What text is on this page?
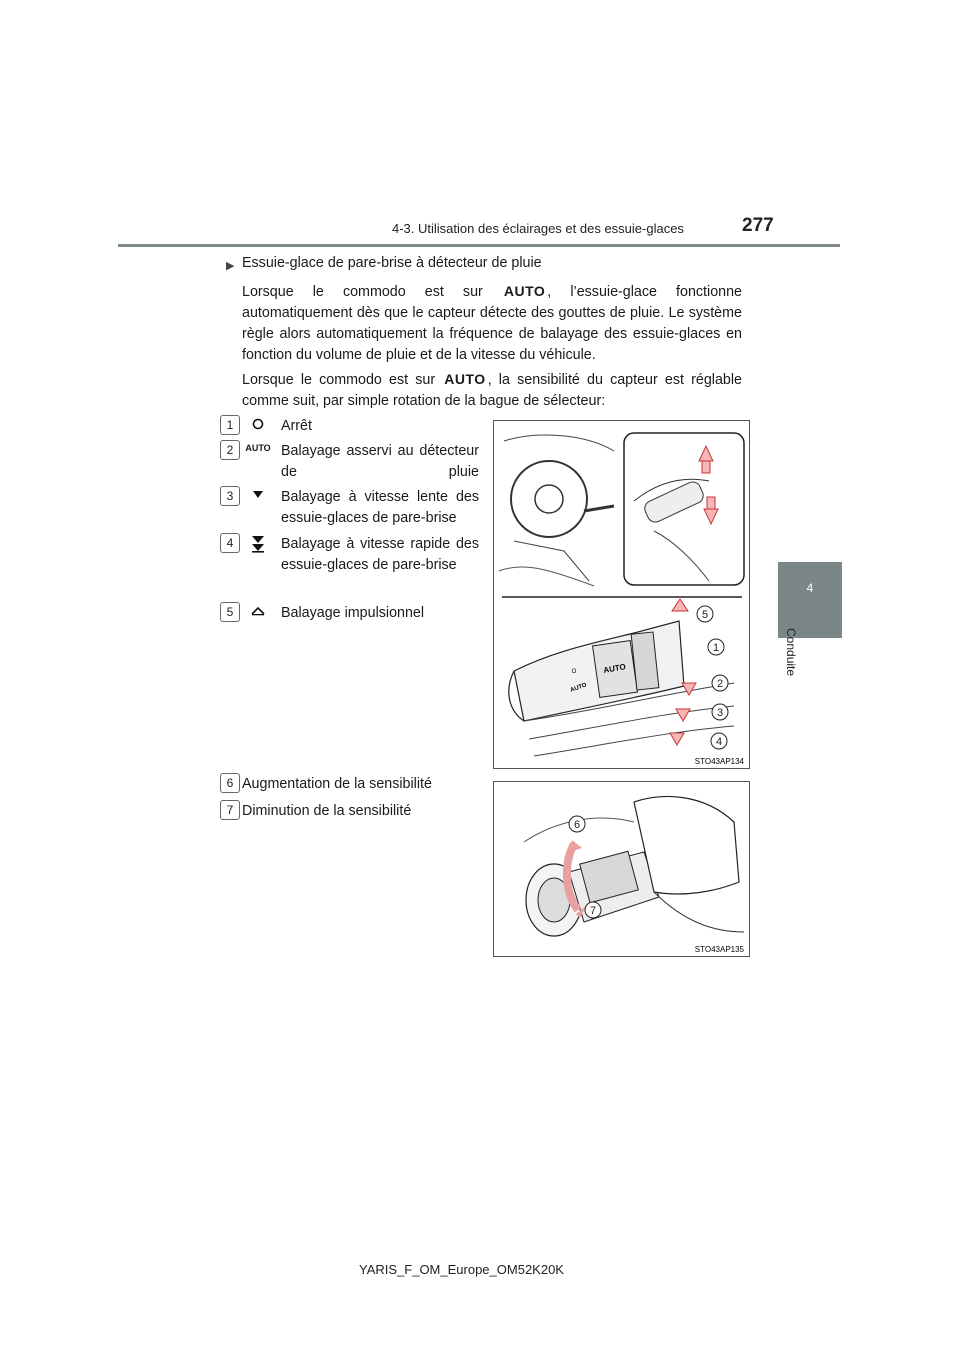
4-3. Utilisation des éclairages et des essuie-glaces	277
4
Conduite
▶ Essuie-glace de pare-brise à détecteur de pluie
Lorsque le commodo est sur AUTO , l’essuie-glace fonctionne automatiquement dès que le capteur détecte des gouttes de pluie. Le système règle alors automatiquement la fréquence de balayage des essuie-glaces en fonction du volume de pluie et de la vitesse du véhicule.
Lorsque le commodo est sur AUTO , la sensibilité du capteur est réglable comme suit, par simple rotation de la bague de sélecteur:
1	Arrêt
2	AUTO Balayage asservi au détecteur de pluie
3	Balayage à vitesse lente des essuie-glaces de pare-brise
4	Balayage à vitesse rapide des essuie-glaces de pare-brise
5	Balayage impulsionnel
AUTO
AUTO
O
5
1
2
3
4
STO43AP134
6 Augmentation de la sensibilité
7 Diminution de la sensibilité
6
7
STO43AP135
YARIS_F_OM_Europe_OM52K20K
